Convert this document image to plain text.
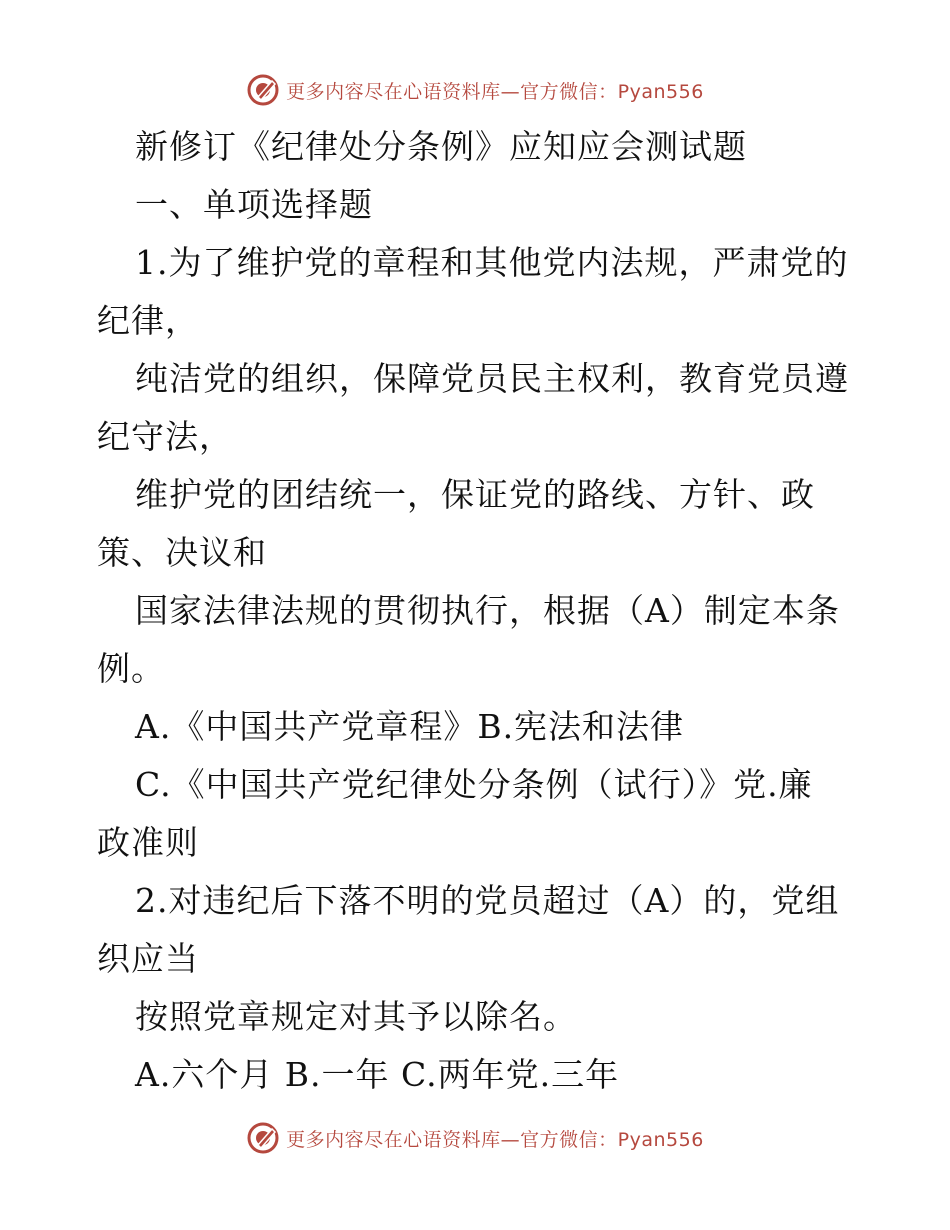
更多内容尽在心语资料库—官方微信：Pyan556
新修订《纪律处分条例》应知应会测试题
一、单项选择题
1.为了维护党的章程和其他党内法规，严肃党的
纪律，
纯洁党的组织，保障党员民主权利，教育党员遵
纪守法，
维护党的团结统一，保证党的路线、方针、政
策、决议和
国家法律法规的贯彻执行，根据（A）制定本条
例。
A.《中国共产党章程》B.宪法和法律
C.《中国共产党纪律处分条例（试行）》党.廉
政准则
2.对违纪后下落不明的党员超过（A）的，党组
织应当
按照党章规定对其予以除名。
A.六个月 B.一年 C.两年党.三年
更多内容尽在心语资料库—官方微信：Pyan556
